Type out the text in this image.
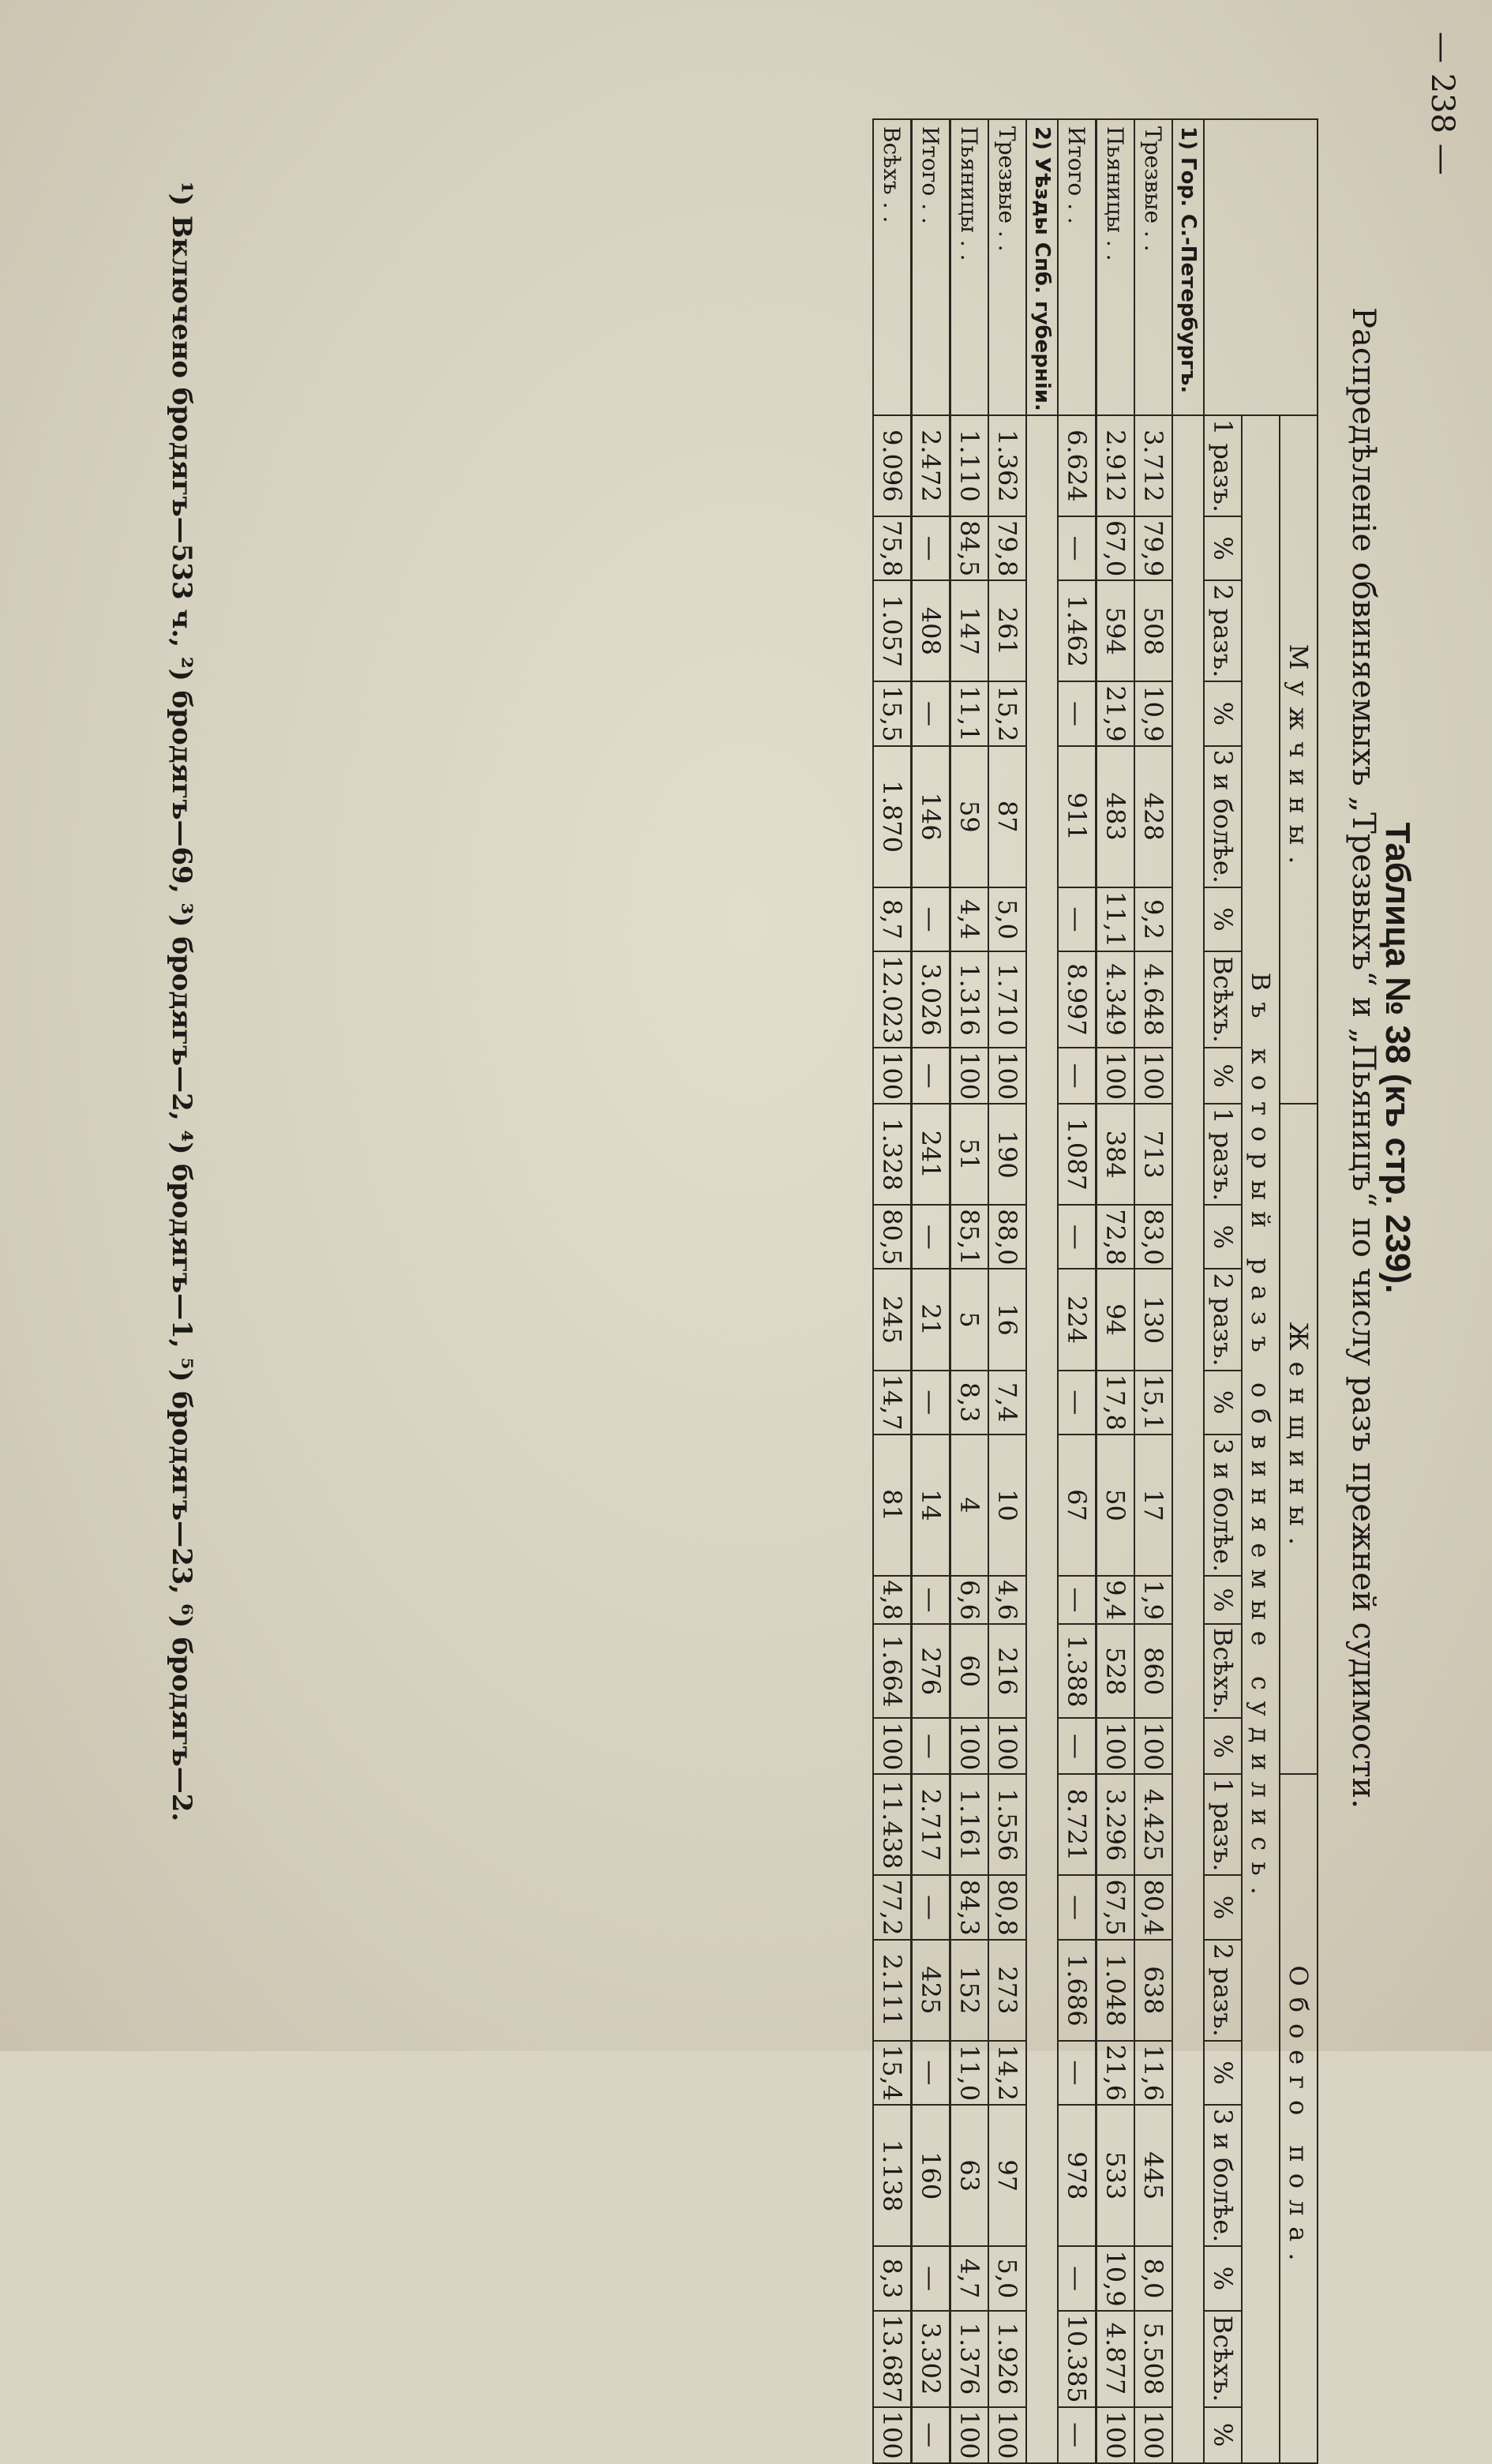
— 238 —
Таблица № 38 (къ стр. 239).
Распредѣленіе обвиняемыхъ „Трезвыхъ“ и „Пьяницъ“ по числу разъ прежней судимости.
	Мужчины.								Женщины.								Обоего пола.							
	Въ который разъ обвиняемые судились.																							
	1 разъ.	%	2 разъ.	%	3 и болѣе.	%	Всѣхъ.	%	1 разъ.	%	2 разъ.	%	3 и болѣе.	%	Всѣхъ.	%	1 разъ.	%	2 разъ.	%	3 и болѣе.	%	Всѣхъ.	%
1) Гор. С.-Петербургъ.																								
Трезвые . .	3.712	79,9	508	10,9	428	9,2	4.648	100	713	83,0	130	15,1	17	1,9	860	100	4.425	80,4	638	11,6	445	8,0	5.508	100
Пьяницы . .	2.912	67,0	594	21,9	483	11,1	4.349	100	384	72,8	94	17,8	50	9,4	528	100	3.296	67,5	1.048	21,6	533	10,9	4.877	100
Итого . .	6.624	—	1.462	—	911	—	8.997	—	1.087	—	224	—	67	—	1.388	—	8.721	—	1.686	—	978	—	10.385	—
2) Уѣзды Спб. губерніи.																								
Трезвые . .	1.362	79,8	261	15,2	87	5,0	1.710	100	190	88,0	16	7,4	10	4,6	216	100	1.556	80,8	273	14,2	97	5,0	1.926	100
Пьяницы . .	1.110	84,5	147	11,1	59	4,4	1.316	100	51	85,1	5	8,3	4	6,6	60	100	1.161	84,3	152	11,0	63	4,7	1.376	100
Итого . .	2.472	—	408	—	146	—	3.026	—	241	—	21	—	14	—	276	—	2.717	—	425	—	160	—	3.302	—
Всѣхъ . .	9.096	75,8	1.057	15,5	1.870	8,7	12.023	100	1.328	80,5	245	14,7	81	4,8	1.664	100	11.438	77,2	2.111	15,4	1.138	8,3	13.687	100
¹) Включено бродягъ—533 ч., ²) бродягъ—69, ³) бродягъ—2, ⁴) бродягъ—1, ⁵) бродягъ—23, ⁶) бродягъ—2.
